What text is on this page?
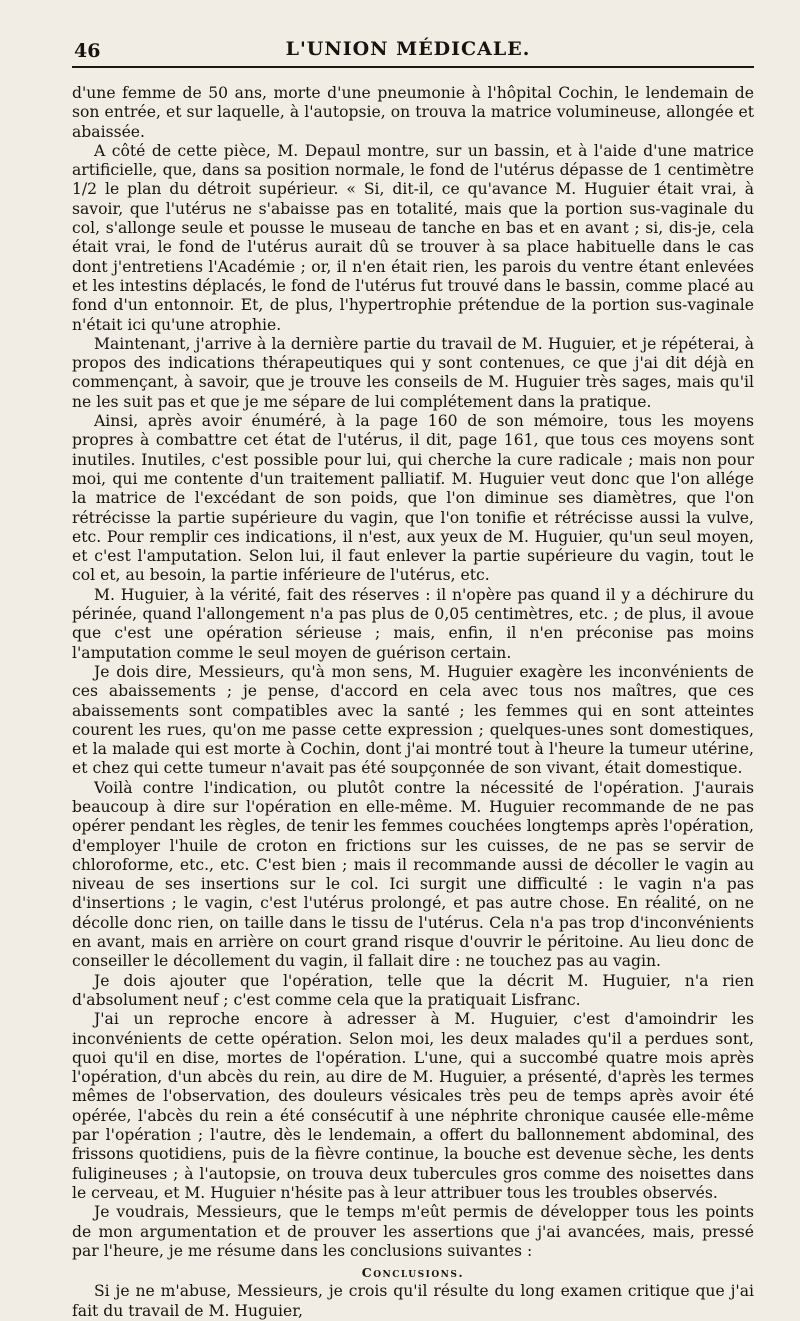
46	L'UNION MÉDICALE.

d'une femme de 50 ans, morte d'une pneumonie à l'hôpital Cochin, le lendemain de son entrée, et sur laquelle, à l'autopsie, on trouva la matrice volumineuse, allongée et abaissée.

A côté de cette pièce, M. Depaul montre, sur un bassin, et à l'aide d'une matrice artificielle, que, dans sa position normale, le fond de l'utérus dépasse de 1 centimètre 1/2 le plan du détroit supérieur. « Si, dit-il, ce qu'avance M. Huguier était vrai, à savoir, que l'utérus ne s'abaisse pas en totalité, mais que la portion sus-vaginale du col, s'allonge seule et pousse le museau de tanche en bas et en avant ; si, dis-je, cela était vrai, le fond de l'utérus aurait dû se trouver à sa place habituelle dans le cas dont j'entretiens l'Académie ; or, il n'en était rien, les parois du ventre étant enlevées et les intestins déplacés, le fond de l'utérus fut trouvé dans le bassin, comme placé au fond d'un entonnoir. Et, de plus, l'hypertrophie prétendue de la portion sus-vaginale n'était ici qu'une atrophie.

Maintenant, j'arrive à la dernière partie du travail de M. Huguier, et je répéterai, à propos des indications thérapeutiques qui y sont contenues, ce que j'ai dit déjà en commençant, à savoir, que je trouve les conseils de M. Huguier très sages, mais qu'il ne les suit pas et que je me sépare de lui complétement dans la pratique.

Ainsi, après avoir énuméré, à la page 160 de son mémoire, tous les moyens propres à combattre cet état de l'utérus, il dit, page 161, que tous ces moyens sont inutiles. Inutiles, c'est possible pour lui, qui cherche la cure radicale ; mais non pour moi, qui me contente d'un traitement palliatif. M. Huguier veut donc que l'on allége la matrice de l'excédant de son poids, que l'on diminue ses diamètres, que l'on rétrécisse la partie supérieure du vagin, que l'on tonifie et rétrécisse aussi la vulve, etc. Pour remplir ces indications, il n'est, aux yeux de M. Huguier, qu'un seul moyen, et c'est l'amputation. Selon lui, il faut enlever la partie supérieure du vagin, tout le col et, au besoin, la partie inférieure de l'utérus, etc.

M. Huguier, à la vérité, fait des réserves : il n'opère pas quand il y a déchirure du périnée, quand l'allongement n'a pas plus de 0,05 centimètres, etc. ; de plus, il avoue que c'est une opération sérieuse ; mais, enfin, il n'en préconise pas moins l'amputation comme le seul moyen de guérison certain.

Je dois dire, Messieurs, qu'à mon sens, M. Huguier exagère les inconvénients de ces abaissements ; je pense, d'accord en cela avec tous nos maîtres, que ces abaissements sont compatibles avec la santé ; les femmes qui en sont atteintes courent les rues, qu'on me passe cette expression ; quelques-unes sont domestiques, et la malade qui est morte à Cochin, dont j'ai montré tout à l'heure la tumeur utérine, et chez qui cette tumeur n'avait pas été soupçonnée de son vivant, était domestique.

Voilà contre l'indication, ou plutôt contre la nécessité de l'opération. J'aurais beaucoup à dire sur l'opération en elle-même. M. Huguier recommande de ne pas opérer pendant les règles, de tenir les femmes couchées longtemps après l'opération, d'employer l'huile de croton en frictions sur les cuisses, de ne pas se servir de chloroforme, etc., etc. C'est bien ; mais il recommande aussi de décoller le vagin au niveau de ses insertions sur le col. Ici surgit une difficulté : le vagin n'a pas d'insertions ; le vagin, c'est l'utérus prolongé, et pas autre chose. En réalité, on ne décolle donc rien, on taille dans le tissu de l'utérus. Cela n'a pas trop d'inconvénients en avant, mais en arrière on court grand risque d'ouvrir le péritoine. Au lieu donc de conseiller le décollement du vagin, il fallait dire : ne touchez pas au vagin.

Je dois ajouter que l'opération, telle que la décrit M. Huguier, n'a rien d'absolument neuf ; c'est comme cela que la pratiquait Lisfranc.

J'ai un reproche encore à adresser à M. Huguier, c'est d'amoindrir les inconvénients de cette opération. Selon moi, les deux malades qu'il a perdues sont, quoi qu'il en dise, mortes de l'opération. L'une, qui a succombé quatre mois après l'opération, d'un abcès du rein, au dire de M. Huguier, a présenté, d'après les termes mêmes de l'observation, des douleurs vésicales très peu de temps après avoir été opérée, l'abcès du rein a été consécutif à une néphrite chronique causée elle-même par l'opération ; l'autre, dès le lendemain, a offert du ballonnement abdominal, des frissons quotidiens, puis de la fièvre continue, la bouche est devenue sèche, les dents fuligineuses ; à l'autopsie, on trouva deux tubercules gros comme des noisettes dans le cerveau, et M. Huguier n'hésite pas à leur attribuer tous les troubles observés.

Je voudrais, Messieurs, que le temps m'eût permis de développer tous les points de mon argumentation et de prouver les assertions que j'ai avancées, mais, pressé par l'heure, je me résume dans les conclusions suivantes :

Conclusions.

Si je ne m'abuse, Messieurs, je crois qu'il résulte du long examen critique que j'ai fait du travail de M. Huguier,
